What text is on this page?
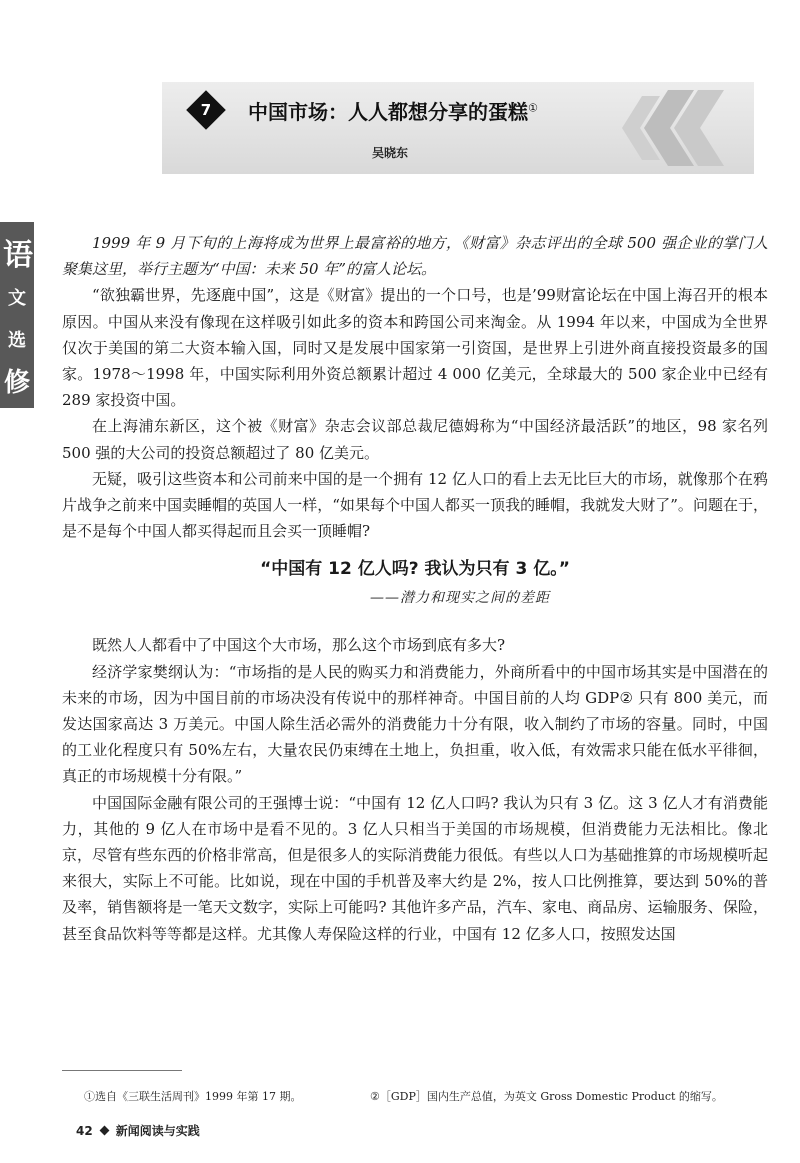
7	中国市场：人人都想分享的蛋糕①
吴晓东
语
文
选
修

1999 年 9 月下旬的上海将成为世界上最富裕的地方，《财富》杂志评出的全球 500 强企业的掌门人聚集这里，举行主题为“中国：未来 50 年”的富人论坛。

“欲独霸世界，先逐鹿中国”，这是《财富》提出的一个口号，也是’99财富论坛在中国上海召开的根本原因。中国从来没有像现在这样吸引如此多的资本和跨国公司来淘金。从 1994 年以来，中国成为全世界仅次于美国的第二大资本输入国，同时又是发展中国家第一引资国，是世界上引进外商直接投资最多的国家。1978～1998 年，中国实际利用外资总额累计超过 4 000 亿美元，全球最大的 500 家企业中已经有 289 家投资中国。

在上海浦东新区，这个被《财富》杂志会议部总裁尼德姆称为“中国经济最活跃”的地区，98 家名列 500 强的大公司的投资总额超过了 80 亿美元。

无疑，吸引这些资本和公司前来中国的是一个拥有 12 亿人口的看上去无比巨大的市场，就像那个在鸦片战争之前来中国卖睡帽的英国人一样，“如果每个中国人都买一顶我的睡帽，我就发大财了”。问题在于，是不是每个中国人都买得起而且会买一顶睡帽?

“中国有 12 亿人吗? 我认为只有 3 亿。”
——潜力和现实之间的差距

既然人人都看中了中国这个大市场，那么这个市场到底有多大?

经济学家樊纲认为：“市场指的是人民的购买力和消费能力，外商所看中的中国市场其实是中国潜在的未来的市场，因为中国目前的市场决没有传说中的那样神奇。中国目前的人均 GDP② 只有 800 美元，而发达国家高达 3 万美元。中国人除生活必需外的消费能力十分有限，收入制约了市场的容量。同时，中国的工业化程度只有 50%左右，大量农民仍束缚在土地上，负担重，收入低，有效需求只能在低水平徘徊，真正的市场规模十分有限。”

中国国际金融有限公司的王强博士说：“中国有 12 亿人口吗? 我认为只有 3 亿。这 3 亿人才有消费能力，其他的 9 亿人在市场中是看不见的。3 亿人只相当于美国的市场规模，但消费能力无法相比。像北京，尽管有些东西的价格非常高，但是很多人的实际消费能力很低。有些以人口为基础推算的市场规模听起来很大，实际上不可能。比如说，现在中国的手机普及率大约是 2%，按人口比例推算，要达到 50%的普及率，销售额将是一笔天文数字，实际上可能吗? 其他许多产品，汽车、家电、商品房、运输服务、保险，甚至食品饮料等等都是这样。尤其像人寿保险这样的行业，中国有 12 亿多人口，按照发达国

①选自《三联生活周刊》1999 年第 17 期。	②［GDP］国内生产总值，为英文 Gross Domestic Product 的缩写。
42 新闻阅读与实践
